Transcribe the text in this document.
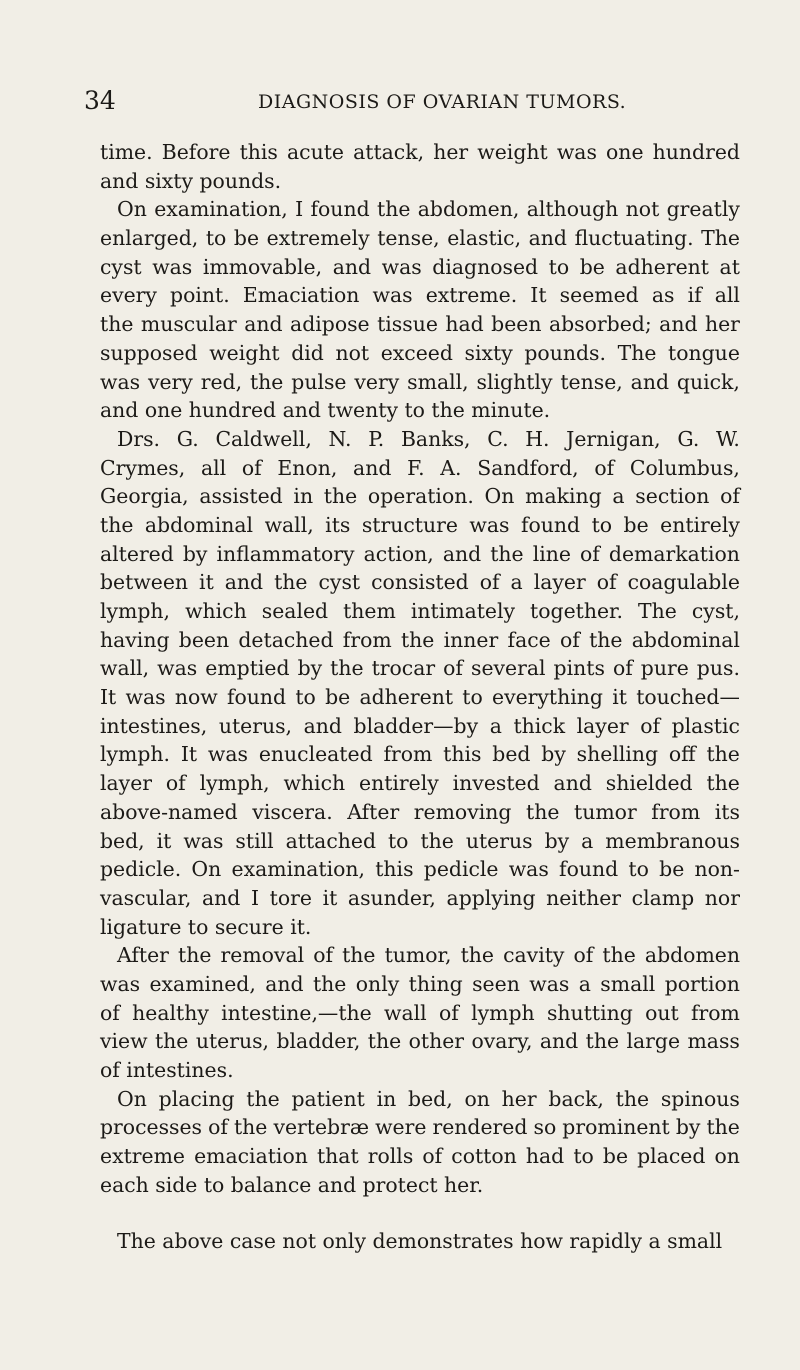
34	DIAGNOSIS OF OVARIAN TUMORS.
time. Before this acute attack, her weight was one hundred
and sixty pounds.
On examination, I found the abdomen, although not greatly
enlarged, to be extremely tense, elastic, and fluctuating. The
cyst was immovable, and was diagnosed to be adherent at
every point. Emaciation was extreme. It seemed as if all
the muscular and adipose tissue had been absorbed; and her
supposed weight did not exceed sixty pounds. The tongue
was very red, the pulse very small, slightly tense, and quick,
and one hundred and twenty to the minute.
Drs. G. Caldwell, N. P. Banks, C. H. Jernigan, G. W.
Crymes, all of Enon, and F. A. Sandford, of Columbus,
Georgia, assisted in the operation. On making a section of
the abdominal wall, its structure was found to be entirely
altered by inflammatory action, and the line of demarkation
between it and the cyst consisted of a layer of coagulable
lymph, which sealed them intimately together. The cyst,
having been detached from the inner face of the abdominal
wall, was emptied by the trocar of several pints of pure pus.
It was now found to be adherent to everything it touched—
intestines, uterus, and bladder—by a thick layer of plastic
lymph. It was enucleated from this bed by shelling off the
layer of lymph, which entirely invested and shielded the
above-named viscera. After removing the tumor from its
bed, it was still attached to the uterus by a membranous
pedicle. On examination, this pedicle was found to be non-
vascular, and I tore it asunder, applying neither clamp nor
ligature to secure it.
After the removal of the tumor, the cavity of the abdomen
was examined, and the only thing seen was a small portion
of healthy intestine,—the wall of lymph shutting out from
view the uterus, bladder, the other ovary, and the large mass
of intestines.
On placing the patient in bed, on her back, the spinous
processes of the vertebræ were rendered so prominent by the
extreme emaciation that rolls of cotton had to be placed on
each side to balance and protect her.
The above case not only demonstrates how rapidly a small
